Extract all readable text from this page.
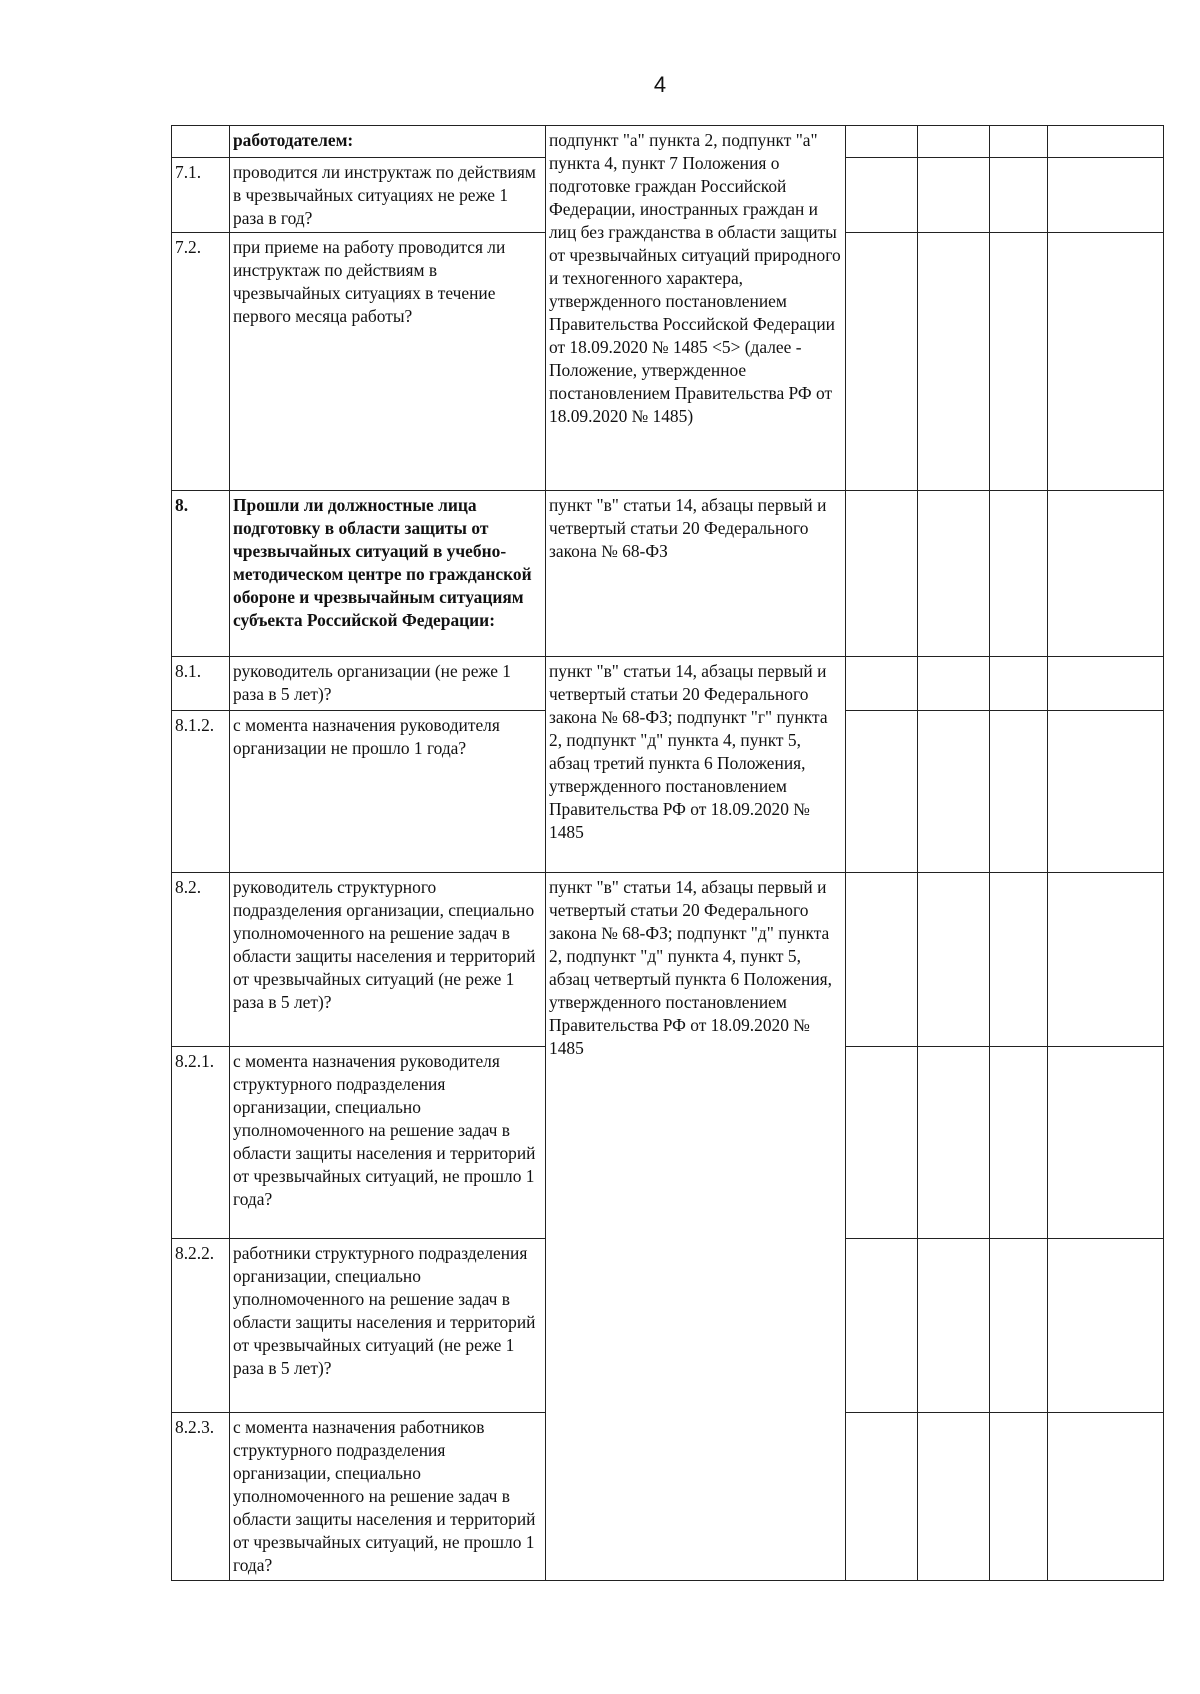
4
	работодателем:	подпункт "а" пункта 2, подпункт "а" пункта 4, пункт 7 Положения о подготовке граждан Российской Федерации, иностранных граждан и лиц без гражданства в области защиты от чрезвычайных ситуаций природного и техногенного характера, утвержденного постановлением Правительства Российской Федерации от 18.09.2020 № 1485 <5> (далее - Положение, утвержденное постановлением Правительства РФ от 18.09.2020 № 1485)				
7.1.	проводится ли инструктаж по действиям в чрезвычайных ситуациях не реже 1 раза в год?					
7.2.	при приеме на работу проводится ли инструктаж по действиям в чрезвычайных ситуациях в течение первого месяца работы?					
8.	Прошли ли должностные лица подготовку в области защиты от чрезвычайных ситуаций в учебно-методическом центре по гражданской обороне и чрезвычайным ситуациям субъекта Российской Федерации:	пункт "в" статьи 14, абзацы первый и четвертый статьи 20 Федерального закона № 68-ФЗ				
8.1.	руководитель организации (не реже 1 раза в 5 лет)?	пункт "в" статьи 14, абзацы первый и четвертый статьи 20 Федерального закона № 68-ФЗ; подпункт "г" пункта 2, подпункт "д" пункта 4, пункт 5, абзац третий пункта 6 Положения, утвержденного постановлением Правительства РФ от 18.09.2020 № 1485				
8.1.2.	с момента назначения руководителя организации не прошло 1 года?					
8.2.	руководитель структурного подразделения организации, специально уполномоченного на решение задач в области защиты населения и территорий от чрезвычайных ситуаций (не реже 1 раза в 5 лет)?	пункт "в" статьи 14, абзацы первый и четвертый статьи 20 Федерального закона № 68-ФЗ; подпункт "д" пункта 2, подпункт "д" пункта 4, пункт 5, абзац четвертый пункта 6 Положения, утвержденного постановлением Правительства РФ от 18.09.2020 № 1485				
8.2.1.	с момента назначения руководителя структурного подразделения организации, специально уполномоченного на решение задач в области защиты населения и территорий от чрезвычайных ситуаций, не прошло 1 года?					
8.2.2.	работники структурного подразделения организации, специально уполномоченного на решение задач в области защиты населения и территорий от чрезвычайных ситуаций (не реже 1 раза в 5 лет)?					
8.2.3.	с момента назначения работников структурного подразделения организации, специально уполномоченного на решение задач в области защиты населения и территорий от чрезвычайных ситуаций, не прошло 1 года?					
